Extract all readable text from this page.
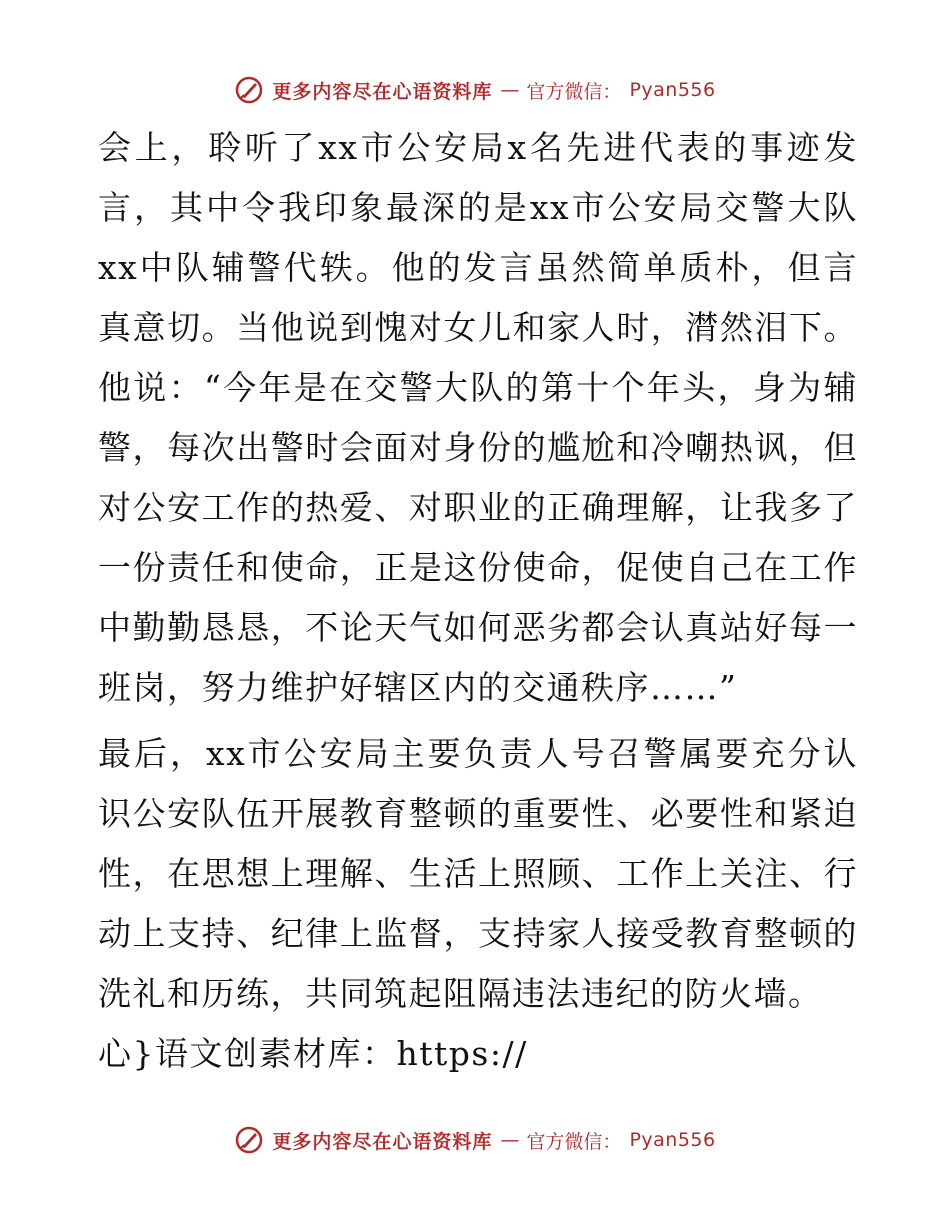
更多内容尽在心语资料库 — 官方微信： Pyan556

会上，聆听了xx市公安局x名先进代表的事迹发言，其中令我印象最深的是xx市公安局交警大队xx中队辅警代轶。他的发言虽然简单质朴，但言真意切。当他说到愧对女儿和家人时，潸然泪下。他说：“今年是在交警大队的第十个年头，身为辅警，每次出警时会面对身份的尴尬和冷嘲热讽，但对公安工作的热爱、对职业的正确理解，让我多了一份责任和使命，正是这份使命，促使自己在工作中勤勤恳恳，不论天气如何恶劣都会认真站好每一班岗，努力维护好辖区内的交通秩序……”

最后，xx市公安局主要负责人号召警属要充分认识公安队伍开展教育整顿的重要性、必要性和紧迫性，在思想上理解、生活上照顾、工作上关注、行动上支持、纪律上监督，支持家人接受教育整顿的洗礼和历练，共同筑起阻隔违法违纪的防火墙。

心}语文创素材库：https://

更多内容尽在心语资料库 — 官方微信： Pyan556
